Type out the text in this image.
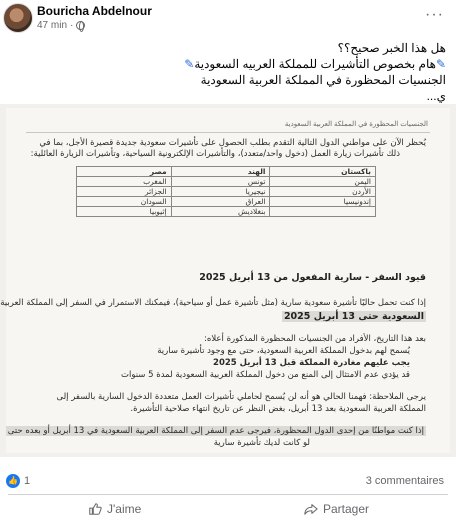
Bouricha Abdelnour
47 min ·
···
هل هذا الخبر صحيح؟؟
✎هام بخصوص التأشيرات للمملكة العربيه السعودية✎
الجنسيات المحظورة في المملكة العربية السعودية
ي...
الجنسيات المحظورة في المملكة العربية السعودية
يُحظر الآن على مواطني الدول التالية التقدم بطلب الحصول على تأشيرات سعودية جديدة قصيرة الأجل، بما في
ذلك تأشيرات زيارة العمل (دخول واحد/متعدد)، والتأشيرات الإلكترونية السياحية، وتأشيرات الزيارة العائلية:
باكستان	الهند	مصر
اليمن	تونس	المغرب
الأردن	نيجيريا	الجزائر
إندونيسيا	العراق	السودان
	بنغلاديش	إثيوبيا
قيود السفر - سارية المفعول من 13 أبريل 2025
إذا كنت تحمل حاليًا تأشيرة سعودية سارية (مثل تأشيرة عمل أو سياحية)، فيمكنك الاستمرار في السفر إلى المملكة العربية
السعودية حتى 13 أبريل 2025
بعد هذا التاريخ، الأفراد من الجنسيات المحظورة المذكورة أعلاه:
يُسمح لهم بدخول المملكة العربية السعودية، حتى مع وجود تأشيرة سارية
يجب عليهم مغادرة المملكة قبل 13 أبريل 2025
قد يؤدي عدم الامتثال إلى المنع من دخول المملكة العربية السعودية لمدة 5 سنوات
يرجى الملاحظة: فهمنا الحالي هو أنه لن يُسمح لحاملي تأشيرات العمل متعددة الدخول السارية بالسفر إلى
المملكة العربية السعودية بعد 13 أبريل، بغض النظر عن تاريخ انتهاء صلاحية التأشيرة.
إذا كنت مواطنًا من إحدى الدول المحظورة، فيرجى عدم السفر إلى المملكة العربية السعودية في 13 أبريل أو بعده حتى
لو كانت لديك تأشيرة سارية
👍 1	3 commentaires
J'aime	Partager
